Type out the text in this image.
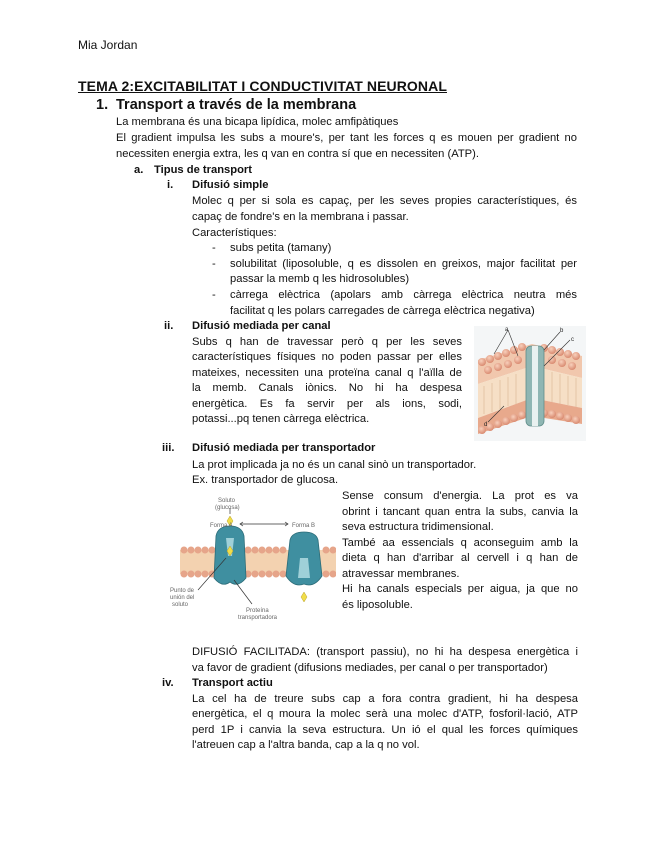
Mia Jordan
TEMA 2:EXCITABILITAT I CONDUCTIVITAT NEURONAL
1. Transport a través de la membrana
La membrana és una bicapa lipídica, molec amfipàtiques
El gradient impulsa les subs a moure's, per tant les forces q es mouen per gradient no
necessiten energia extra, les q van en contra sí que en necessiten (ATP).
a. Tipus de transport
i. Difusió simple
Molec q per si sola es capaç, per les seves propies característiques, és
capaç de fondre's en la membrana i passar.
Característiques:
- subs petita (tamany)
- solubilitat (liposoluble, q es dissolen en greixos, major facilitat per
passar la memb q les hidrosolubles)
- càrrega elèctrica (apolars amb càrrega elèctrica neutra més
facilitat q les polars carregades de càrrega elèctrica negativa)
ii. Difusió mediada per canal
Subs q han de travessar però q per les seves
característiques físiques no poden passar per elles
mateixes, necessiten una proteïna canal q l'aïlla de
la memb. Canals iònics. No hi ha despesa
energètica. Es fa servir per als ions, sodi,
potassi...pq tenen càrrega elèctrica.
a	b
c
d
iii. Difusió mediada per transportador
La prot implicada ja no és un canal sinò un transportador.
Ex. transportador de glucosa.
Sense consum d'energia. La prot es va
obrint i tancant quan entra la subs, canvia la
seva estructura tridimensional.
També aa essencials q aconseguim amb la
dieta q han d'arribar al cervell i q han de
atravessar membranes.
Hi ha canals especials per aigua, ja que no
és liposoluble.
Soluto
(glucosa)
Forma A	Forma B
Punto de
unión del
soluto
Proteína
transportadora
DIFUSIÓ FACILITADA: (transport passiu), no hi ha despesa energètica i
va favor de gradient (difusions mediades, per canal o per transportador)
iv. Transport actiu
La cel ha de treure subs cap a fora contra gradient, hi ha despesa
energètica, el q moura la molec serà una molec d'ATP, fosforil·lació, ATP
perd 1P i canvia la seva estructura. Un ió el qual les forces químiques
l'atreuen cap a l'altra banda, cap a la q no vol.
